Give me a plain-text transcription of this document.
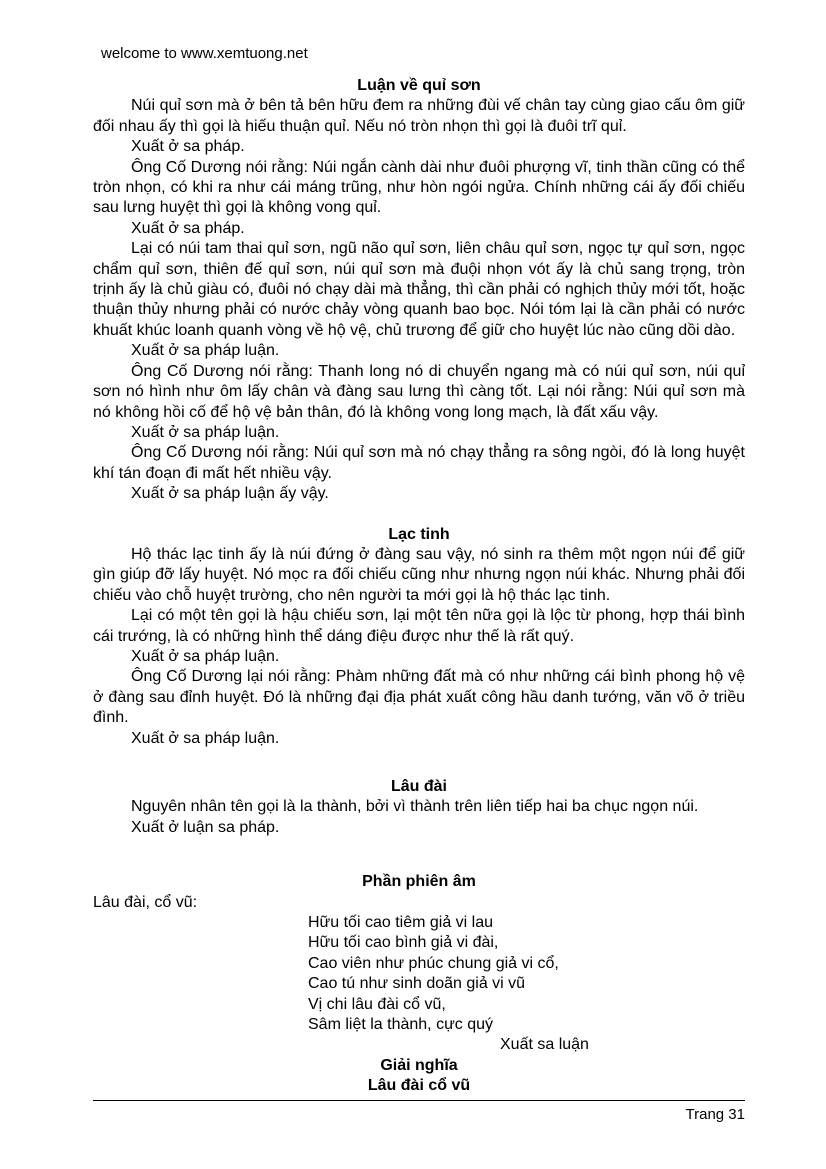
welcome to www.xemtuong.net

Luận về quỉ sơn

Núi quỉ sơn mà ở bên tả bên hữu đem ra những đùi vế chân tay cùng giao cấu ôm giữ đối nhau ấy thì gọi là hiếu thuận quỉ. Nếu nó tròn nhọn thì gọi là đuôi trĩ quỉ.

Xuất ở sa pháp.

Ông Cố Dương nói rằng: Núi ngắn cành dài như đuôi phượng vĩ, tinh thần cũng có thể tròn nhọn, có khi ra như cái máng trũng, như hòn ngói ngửa. Chính những cái ấy đối chiếu sau lưng huyệt thì gọi là không vong quỉ.

Xuất ở sa pháp.

Lại có núi tam thai quỉ sơn, ngũ não quỉ sơn, liên châu quỉ sơn, ngọc tự quỉ sơn, ngọc chẩm quỉ sơn, thiên đế quỉ sơn, núi quỉ sơn mà đuội nhọn vót ấy là chủ sang trọng, tròn trịnh ấy là chủ giàu có, đuôi nó chạy dài mà thẳng, thì cần phải có nghịch thủy mới tốt, hoặc thuận thủy nhưng phải có nước chảy vòng quanh bao bọc. Nói tóm lại là cần phải có nước khuất khúc loanh quanh vòng về hộ vệ, chủ trương để giữ cho huyệt lúc nào cũng dồi dào.

Xuất ở sa pháp luận.

Ông Cố Dương nói rằng: Thanh long nó di chuyển ngang mà có núi quỉ sơn, núi quỉ sơn nó hình như ôm lấy chân và đàng sau lưng thì càng tốt. Lại nói rằng: Núi quỉ sơn mà nó không hồi cố để hộ vệ bản thân, đó là không vong long mạch, là đất xấu vậy.

Xuất ở sa pháp luận.

Ông Cố Dương nói rằng: Núi quỉ sơn mà nó chạy thẳng ra sông ngòi, đó là long huyệt khí tán đoạn đi mất hết nhiều vậy.

Xuất ở sa pháp luận ấy vậy.

Lạc tinh

Hộ thác lạc tinh ấy là núi đứng ở đàng sau vậy, nó sinh ra thêm một ngọn núi để giữ gìn giúp đỡ lấy huyệt. Nó mọc ra đối chiếu cũng như nhưng ngọn núi khác. Nhưng phải đối chiếu vào chỗ huyệt trường, cho nên người ta mới gọi là hộ thác lạc tinh.

Lại có một tên gọi là hậu chiếu sơn, lại một tên nữa gọi là lộc từ phong, hợp thái bình cái trướng, là có những hình thể dáng điệu được như thế là rất quý.

Xuất ở sa pháp luận.

Ông Cố Dương lại nói rằng: Phàm những đất mà có như những cái bình phong hộ vệ ở đàng sau đỉnh huyệt. Đó là những đại địa phát xuất công hầu danh tướng, văn võ ở triều đình.

Xuất ở sa pháp luận.

Lâu đài

Nguyên nhân tên gọi là la thành, bởi vì thành trên liên tiếp hai ba chục ngọn núi.

Xuất ở luận sa pháp.

Phần phiên âm

Lâu đài, cổ vũ:

Hữu tối cao tiêm giả vi lau

Hữu tối cao bình giả vi đài,

Cao viên như phúc chung giả vi cổ,

Cao tú như sinh doãn giả vi vũ

Vị chi lâu đài cổ vũ,

Sâm liệt la thành, cực quý

Xuất sa luận

Giải nghĩa
Lâu đài cổ vũ
Trang 31
